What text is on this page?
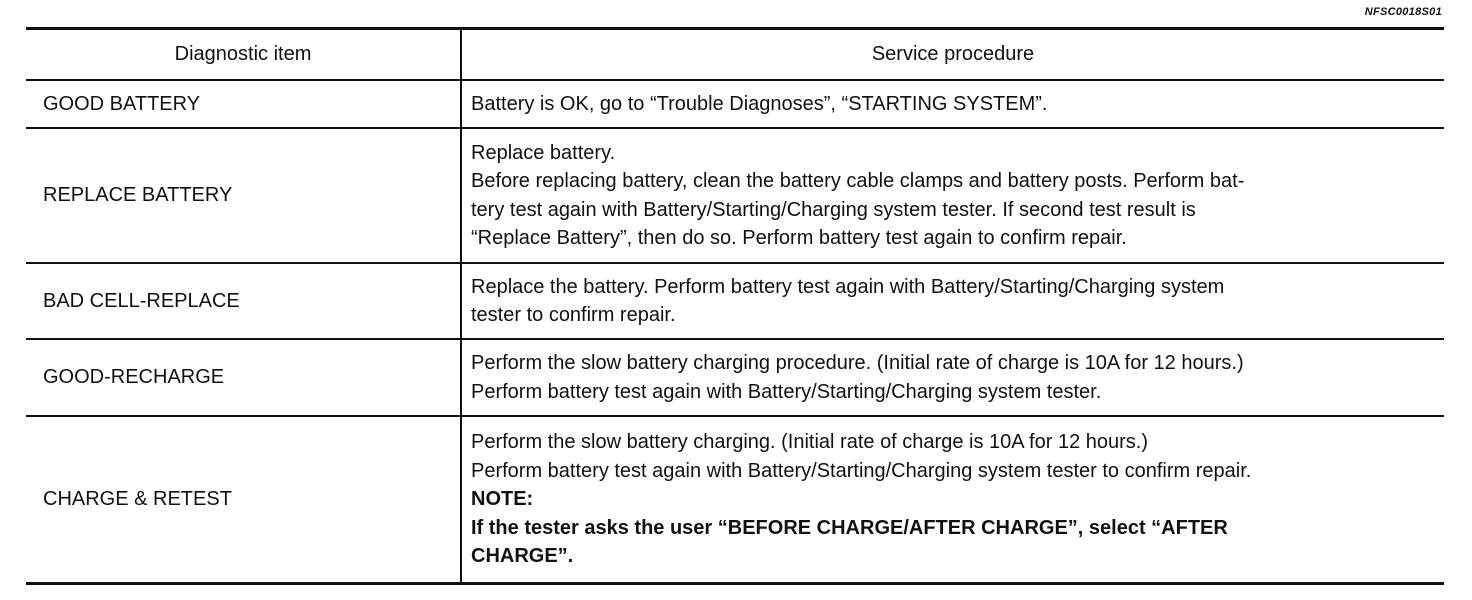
NFSC0018S01
Diagnostic item	Service procedure
GOOD BATTERY	Battery is OK, go to “Trouble Diagnoses”, “STARTING SYSTEM”.

REPLACE BATTERY	Replace battery.
Before replacing battery, clean the battery cable clamps and battery posts. Perform bat-
tery test again with Battery/Starting/Charging system tester. If second test result is
“Replace Battery”, then do so. Perform battery test again to confirm repair.

BAD CELL-REPLACE	Replace the battery. Perform battery test again with Battery/Starting/Charging system
tester to confirm repair.

GOOD-RECHARGE	Perform the slow battery charging procedure. (Initial rate of charge is 10A for 12 hours.)
Perform battery test again with Battery/Starting/Charging system tester.

CHARGE & RETEST	Perform the slow battery charging. (Initial rate of charge is 10A for 12 hours.)
Perform battery test again with Battery/Starting/Charging system tester to confirm repair.
NOTE:
If the tester asks the user “BEFORE CHARGE/AFTER CHARGE”, select “AFTER
CHARGE”.
